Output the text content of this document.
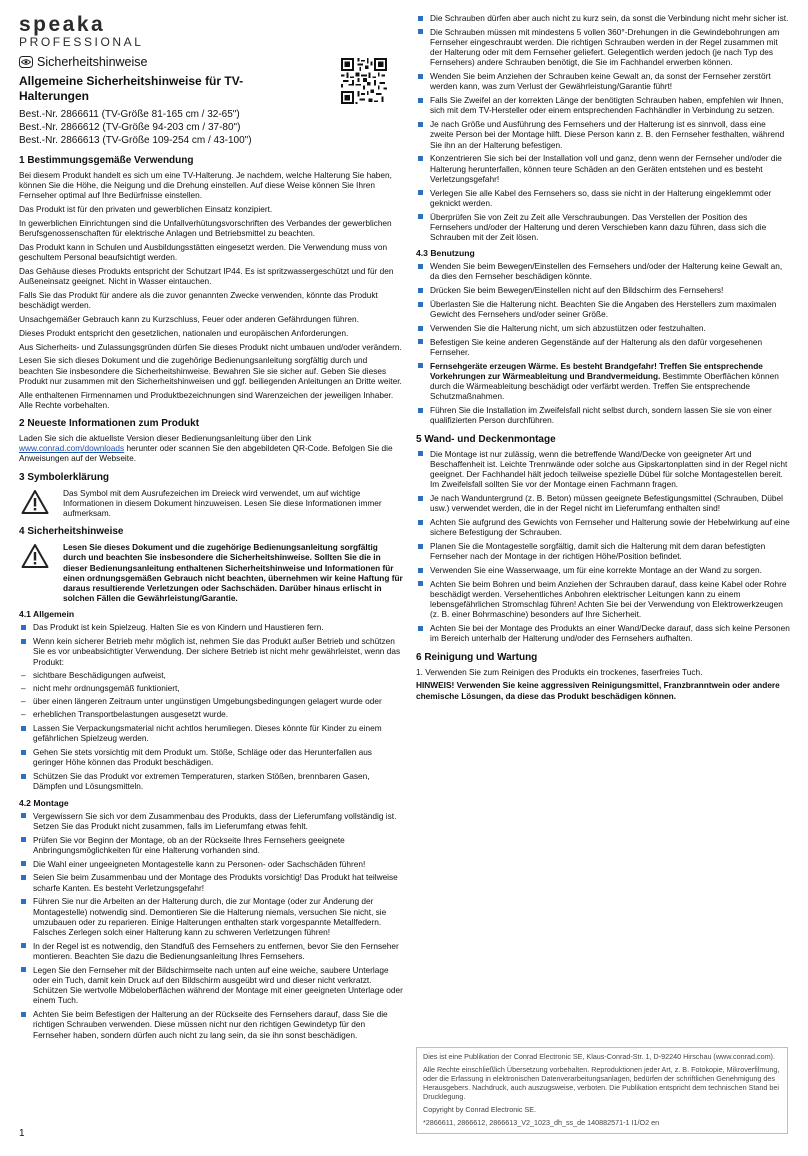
speaka
PROFESSIONAL
Sicherheitshinweise
Allgemeine Sicherheitshinweise für TV-Halterungen
Best.-Nr. 2866611 (TV-Größe 81-165 cm / 32-65")
Best.-Nr. 2866612 (TV-Größe 94-203 cm / 37-80")
Best.-Nr. 2866613 (TV-Größe 109-254 cm / 43-100")
1 Bestimmungsgemäße Verwendung

Bei diesem Produkt handelt es sich um eine TV-Halterung. Je nachdem, welche Halterung Sie haben, können Sie die Höhe, die Neigung und die Drehung einstellen. Auf diese Weise können Sie Ihren Fernseher optimal auf Ihre Bedürfnisse einstellen.

Das Produkt ist für den privaten und gewerblichen Einsatz konzipiert.

In gewerblichen Einrichtungen sind die Unfallverhütungsvorschriften des Verbandes der gewerblichen Berufsgenossenschaften für elektrische Anlagen und Betriebsmittel zu beachten.

Das Produkt kann in Schulen und Ausbildungsstätten eingesetzt werden. Die Verwendung muss von geschultem Personal beaufsichtigt werden.

Das Gehäuse dieses Produkts entspricht der Schutzart IP44. Es ist spritzwassergeschützt und für den Außeneinsatz geeignet. Nicht in Wasser eintauchen.

Falls Sie das Produkt für andere als die zuvor genannten Zwecke verwenden, könnte das Produkt beschädigt werden.

Unsachgemäßer Gebrauch kann zu Kurzschluss, Feuer oder anderen Gefährdungen führen.

Dieses Produkt entspricht den gesetzlichen, nationalen und europäischen Anforderungen.

Aus Sicherheits- und Zulassungsgründen dürfen Sie dieses Produkt nicht umbauen und/oder verändern.

Lesen Sie sich dieses Dokument und die zugehörige Bedienungsanleitung sorgfältig durch und beachten Sie insbesondere die Sicherheitshinweise. Bewahren Sie sie sicher auf. Geben Sie dieses Produkt nur zusammen mit den Sicherheitshinweisen und ggf. beiliegenden Anleitungen an Dritte weiter.

Alle enthaltenen Firmennamen und Produktbezeichnungen sind Warenzeichen der jeweiligen Inhaber. Alle Rechte vorbehalten.

2 Neueste Informationen zum Produkt

Laden Sie sich die aktuellste Version dieser Bedienungsanleitung über den Link www.conrad.com/downloads herunter oder scannen Sie den abgebildeten QR-Code. Befolgen Sie die Anweisungen auf der Webseite.

3 Symbolerklärung
Das Symbol mit dem Ausrufezeichen im Dreieck wird verwendet, um auf wichtige Informationen in diesem Dokument hinzuweisen. Lesen Sie diese Informationen immer aufmerksam.
4 Sicherheitshinweise
Lesen Sie dieses Dokument und die zugehörige Bedienungsanleitung sorgfältig durch und beachten Sie insbesondere die Sicherheitshinweise. Sollten Sie die in dieser Bedienungsanleitung enthaltenen Sicherheitshinweise und Informationen für einen ordnungsgemäßen Gebrauch nicht beachten, übernehmen wir keine Haftung für daraus resultierende Verletzungen oder Sachschäden. Darüber hinaus erlischt in solchen Fällen die Gewährleistung/Garantie.
4.1 Allgemein
Das Produkt ist kein Spielzeug. Halten Sie es von Kindern und Haustieren fern.
Wenn kein sicherer Betrieb mehr möglich ist, nehmen Sie das Produkt außer Betrieb und schützen Sie es vor unbeabsichtigter Verwendung. Der sichere Betrieb ist nicht mehr gewährleistet, wenn das Produkt:
– sichtbare Beschädigungen aufweist,
– nicht mehr ordnungsgemäß funktioniert,
– über einen längeren Zeitraum unter ungünstigen Umgebungsbedingungen gelagert wurde oder
– erheblichen Transportbelastungen ausgesetzt wurde.
Lassen Sie Verpackungsmaterial nicht achtlos herumliegen. Dieses könnte für Kinder zu einem gefährlichen Spielzeug werden.
Gehen Sie stets vorsichtig mit dem Produkt um. Stöße, Schläge oder das Herunterfallen aus geringer Höhe können das Produkt beschädigen.
Schützen Sie das Produkt vor extremen Temperaturen, starken Stößen, brennbaren Gasen, Dämpfen und Lösungsmitteln.
4.2 Montage
Vergewissern Sie sich vor dem Zusammenbau des Produkts, dass der Lieferumfang vollständig ist. Setzen Sie das Produkt nicht zusammen, falls im Lieferumfang etwas fehlt.
Prüfen Sie vor Beginn der Montage, ob an der Rückseite Ihres Fernsehers geeignete Anbringungsmöglichkeiten für eine Halterung vorhanden sind.
Die Wahl einer ungeeigneten Montagestelle kann zu Personen- oder Sachschäden führen!
Seien Sie beim Zusammenbau und der Montage des Produkts vorsichtig! Das Produkt hat teilweise scharfe Kanten. Es besteht Verletzungsgefahr!
Führen Sie nur die Arbeiten an der Halterung durch, die zur Montage (oder zur Änderung der Montagestelle) notwendig sind. Demontieren Sie die Halterung niemals, versuchen Sie nicht, sie umzubauen oder zu reparieren. Einige Halterungen enthalten stark vorgespannte Metallfedern. Falsches Zerlegen solch einer Halterung kann zu schweren Verletzungen führen!
In der Regel ist es notwendig, den Standfuß des Fernsehers zu entfernen, bevor Sie den Fernseher montieren. Beachten Sie dazu die Bedienungsanleitung Ihres Fernsehers.
Legen Sie den Fernseher mit der Bildschirmseite nach unten auf eine weiche, saubere Unterlage oder ein Tuch, damit kein Druck auf den Bildschirm ausgeübt wird und dieser nicht verkratzt. Schützen Sie wertvolle Möbeloberflächen während der Montage mit einer geeigneten Unterlage oder einem Tuch.
Achten Sie beim Befestigen der Halterung an der Rückseite des Fernsehers darauf, dass Sie die richtigen Schrauben verwenden. Diese müssen nicht nur den richtigen Gewindetyp für den Fernseher haben, sondern dürfen auch nicht zu lang sein, da sie ihn sonst beschädigen.
Die Schrauben dürfen aber auch nicht zu kurz sein, da sonst die Verbindung nicht mehr sicher ist.
Die Schrauben müssen mit mindestens 5 vollen 360°-Drehungen in die Gewindebohrungen am Fernseher eingeschraubt werden. Die richtigen Schrauben werden in der Regel zusammen mit der Halterung oder mit dem Fernseher geliefert. Gelegentlich werden jedoch (je nach Typ des Fernsehers) andere Schrauben benötigt, die Sie im Fachhandel erwerben können.
Wenden Sie beim Anziehen der Schrauben keine Gewalt an, da sonst der Fernseher zerstört werden kann, was zum Verlust der Gewährleistung/Garantie führt!
Falls Sie Zweifel an der korrekten Länge der benötigten Schrauben haben, empfehlen wir Ihnen, sich mit dem TV-Hersteller oder einem entsprechenden Fachhändler in Verbindung zu setzen.
Je nach Größe und Ausführung des Fernsehers und der Halterung ist es sinnvoll, dass eine zweite Person bei der Montage hilft. Diese Person kann z. B. den Fernseher festhalten, während Sie ihn an der Halterung befestigen.
Konzentrieren Sie sich bei der Installation voll und ganz, denn wenn der Fernseher und/oder die Halterung herunterfallen, können teure Schäden an den Geräten entstehen und es besteht Verletzungsgefahr!
Verlegen Sie alle Kabel des Fernsehers so, dass sie nicht in der Halterung eingeklemmt oder geknickt werden.
Überprüfen Sie von Zeit zu Zeit alle Verschraubungen. Das Verstellen der Position des Fernsehers und/oder der Halterung und deren Verschieben kann dazu führen, dass sich die Schrauben mit der Zeit lösen.
4.3 Benutzung
Wenden Sie beim Bewegen/Einstellen des Fernsehers und/oder der Halterung keine Gewalt an, da dies den Fernseher beschädigen könnte.
Drücken Sie beim Bewegen/Einstellen nicht auf den Bildschirm des Fernsehers!
Überlasten Sie die Halterung nicht. Beachten Sie die Angaben des Herstellers zum maximalen Gewicht des Fernsehers und/oder seiner Größe.
Verwenden Sie die Halterung nicht, um sich abzustützen oder festzuhalten.
Befestigen Sie keine anderen Gegenstände auf der Halterung als den dafür vorgesehenen Fernseher.
Fernsehgeräte erzeugen Wärme. Es besteht Brandgefahr! Treffen Sie entsprechende Vorkehrungen zur Wärmeableitung und Brandvermeidung. Bestimmte Oberflächen können durch die Wärmeableitung beschädigt oder verfärbt werden. Treffen Sie entsprechende Schutzmaßnahmen.
Führen Sie die Installation im Zweifelsfall nicht selbst durch, sondern lassen Sie sie von einer qualifizierten Person durchführen.
5 Wand- und Deckenmontage
Die Montage ist nur zulässig, wenn die betreffende Wand/Decke von geeigneter Art und Beschaffenheit ist. Leichte Trennwände oder solche aus Gipskartonplatten sind in der Regel nicht geeignet. Der Fachhandel hält jedoch teilweise spezielle Dübel für solche Montagestellen bereit. Im Zweifelsfall sollten Sie vor der Montage einen Fachmann fragen.
Je nach Wanduntergrund (z. B. Beton) müssen geeignete Befestigungsmittel (Schrauben, Dübel usw.) verwendet werden, die in der Regel nicht im Lieferumfang enthalten sind!
Achten Sie aufgrund des Gewichts von Fernseher und Halterung sowie der Hebelwirkung auf eine sichere Befestigung der Schrauben.
Planen Sie die Montagestelle sorgfältig, damit sich die Halterung mit dem daran befestigten Fernseher nach der Montage in der richtigen Höhe/Position befindet.
Verwenden Sie eine Wasserwaage, um für eine korrekte Montage an der Wand zu sorgen.
Achten Sie beim Bohren und beim Anziehen der Schrauben darauf, dass keine Kabel oder Rohre beschädigt werden. Versehentliches Anbohren elektrischer Leitungen kann zu einem lebensgefährlichen Stromschlag führen! Achten Sie bei der Verwendung von Elektrowerkzeugen (z. B. einer Bohrmaschine) besonders auf Ihre Sicherheit.
Achten Sie bei der Montage des Produkts an einer Wand/Decke darauf, dass sich keine Personen im Bereich unterhalb der Halterung und/oder des Fernsehers aufhalten.
6 Reinigung und Wartung

1. Verwenden Sie zum Reinigen des Produkts ein trockenes, faserfreies Tuch.

HINWEIS! Verwenden Sie keine aggressiven Reinigungsmittel, Franzbranntwein oder andere chemische Lösungen, da diese das Produkt beschädigen können.

Dies ist eine Publikation der Conrad Electronic SE, Klaus-Conrad-Str. 1, D-92240 Hirschau (www.conrad.com).

Alle Rechte einschließlich Übersetzung vorbehalten. Reproduktionen jeder Art, z. B. Fotokopie, Mikroverfilmung, oder die Erfassung in elektronischen Datenverarbeitungsanlagen, bedürfen der schriftlichen Genehmigung des Herausgebers. Nachdruck, auch auszugsweise, verboten. Die Publikation entspricht dem technischen Stand bei Drucklegung.

Copyright by Conrad Electronic SE.

*2866611, 2866612, 2866613_V2_1023_dh_ss_de 140882571-1 I1/O2 en

1
